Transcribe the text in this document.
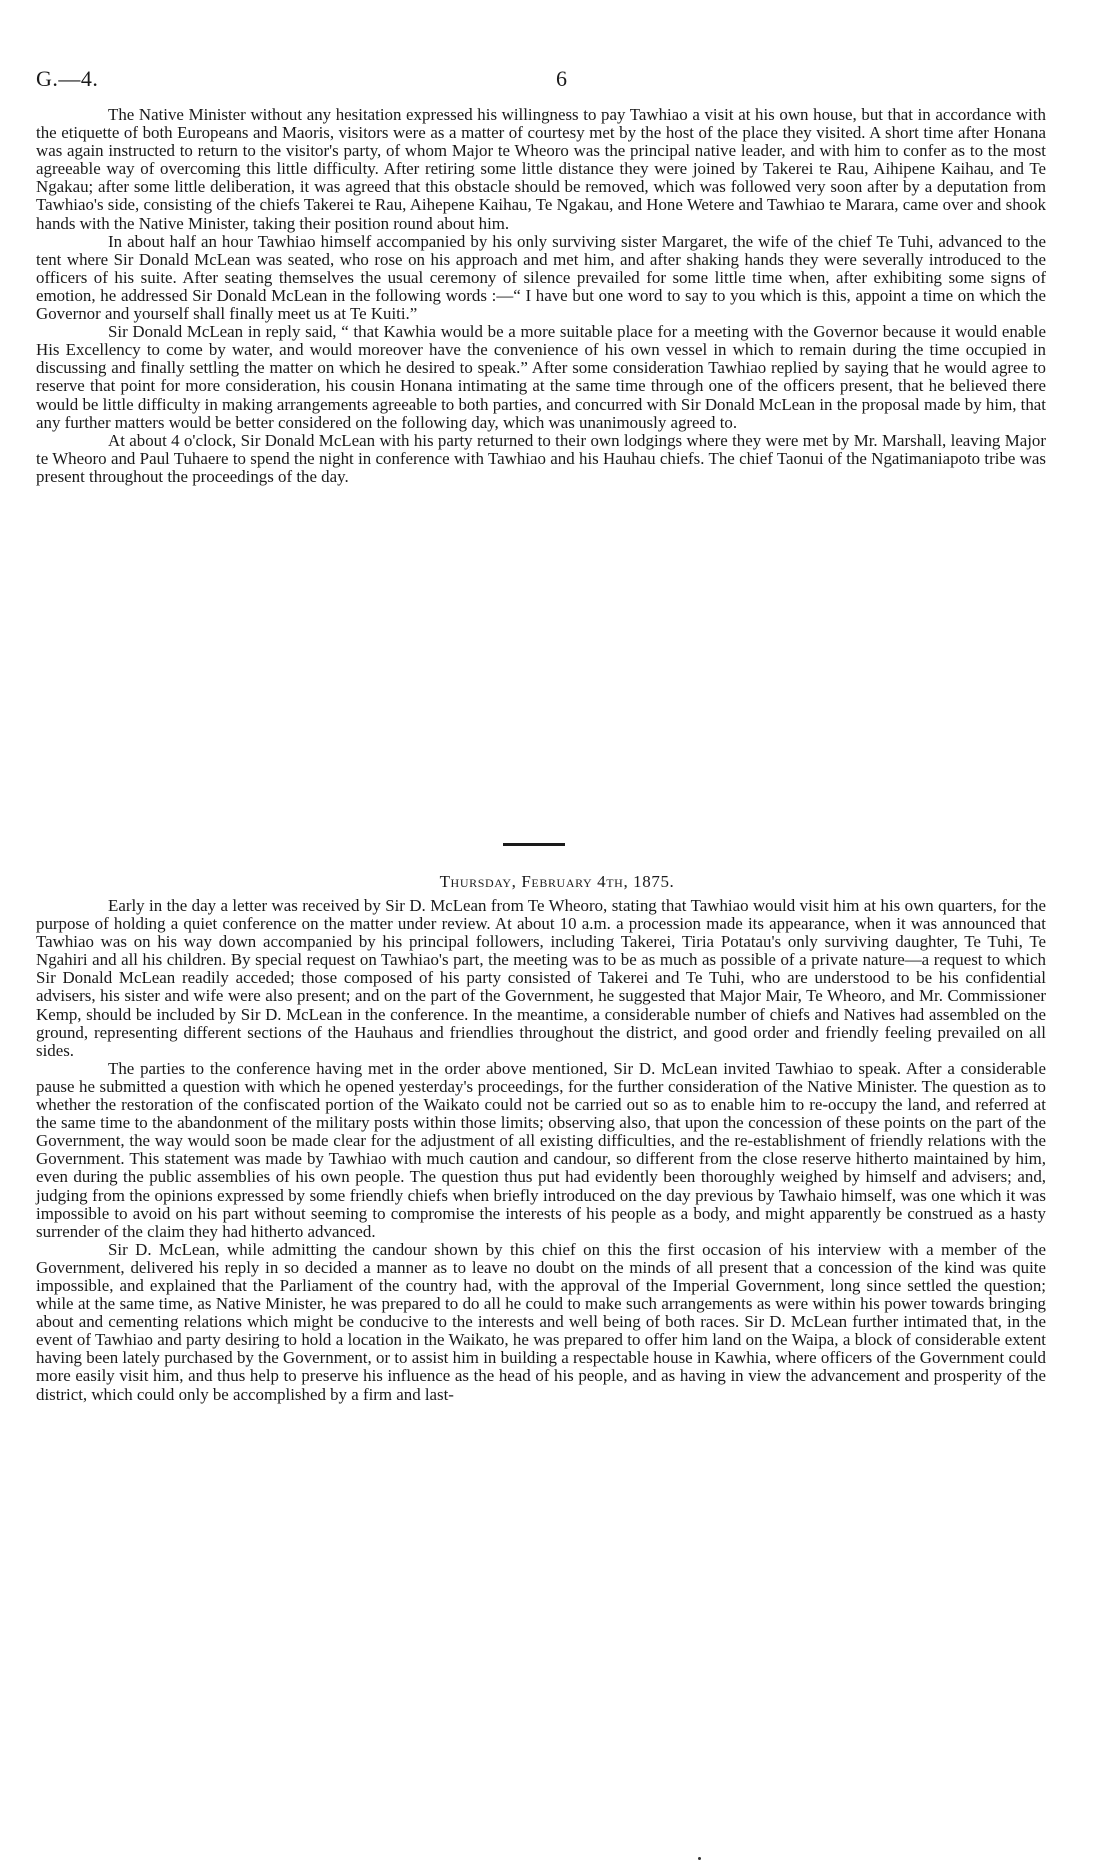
G.—4.	6

The Native Minister without any hesitation expressed his willingness to pay Tawhiao a visit at his own house, but that in accordance with the etiquette of both Europeans and Maoris, visitors were as a matter of courtesy met by the host of the place they visited. A short time after Honana was again instructed to return to the visitor's party, of whom Major te Wheoro was the principal native leader, and with him to confer as to the most agreeable way of overcoming this little difficulty. After retiring some little distance they were joined by Takerei te Rau, Aihipene Kaihau, and Te Ngakau; after some little deliberation, it was agreed that this obstacle should be removed, which was followed very soon after by a deputation from Tawhiao's side, consisting of the chiefs Takerei te Rau, Aihepene Kaihau, Te Ngakau, and Hone Wetere and Tawhiao te Marara, came over and shook hands with the Native Minister, taking their position round about him.

In about half an hour Tawhiao himself accompanied by his only surviving sister Margaret, the wife of the chief Te Tuhi, advanced to the tent where Sir Donald McLean was seated, who rose on his approach and met him, and after shaking hands they were severally introduced to the officers of his suite. After seating themselves the usual ceremony of silence prevailed for some little time when, after exhibiting some signs of emotion, he addressed Sir Donald McLean in the following words :—“ I have but one word to say to you which is this, appoint a time on which the Governor and yourself shall finally meet us at Te Kuiti.”

Sir Donald McLean in reply said, “ that Kawhia would be a more suitable place for a meeting with the Governor because it would enable His Excellency to come by water, and would moreover have the convenience of his own vessel in which to remain during the time occupied in discussing and finally settling the matter on which he desired to speak.” After some consideration Tawhiao replied by saying that he would agree to reserve that point for more consideration, his cousin Honana intimating at the same time through one of the officers present, that he believed there would be little difficulty in making arrangements agreeable to both parties, and concurred with Sir Donald McLean in the proposal made by him, that any further matters would be better considered on the following day, which was unanimously agreed to.

At about 4 o'clock, Sir Donald McLean with his party returned to their own lodgings where they were met by Mr. Marshall, leaving Major te Wheoro and Paul Tuhaere to spend the night in conference with Tawhiao and his Hauhau chiefs. The chief Taonui of the Ngatimaniapoto tribe was present throughout the proceedings of the day.

Thursday, February 4th, 1875.

Early in the day a letter was received by Sir D. McLean from Te Wheoro, stating that Tawhiao would visit him at his own quarters, for the purpose of holding a quiet conference on the matter under review. At about 10 a.m. a procession made its appearance, when it was announced that Tawhiao was on his way down accompanied by his principal followers, including Takerei, Tiria Potatau's only surviving daughter, Te Tuhi, Te Ngahiri and all his children. By special request on Tawhiao's part, the meeting was to be as much as possible of a private nature—a request to which Sir Donald McLean readily acceded; those composed of his party consisted of Takerei and Te Tuhi, who are understood to be his confidential advisers, his sister and wife were also present; and on the part of the Government, he suggested that Major Mair, Te Wheoro, and Mr. Commissioner Kemp, should be included by Sir D. McLean in the conference. In the meantime, a considerable number of chiefs and Natives had assembled on the ground, representing different sections of the Hauhaus and friendlies throughout the district, and good order and friendly feeling prevailed on all sides.

The parties to the conference having met in the order above mentioned, Sir D. McLean invited Tawhiao to speak. After a considerable pause he submitted a question with which he opened yesterday's proceedings, for the further consideration of the Native Minister. The question as to whether the restoration of the confiscated portion of the Waikato could not be carried out so as to enable him to re-occupy the land, and referred at the same time to the abandonment of the military posts within those limits; observing also, that upon the concession of these points on the part of the Government, the way would soon be made clear for the adjustment of all existing difficulties, and the re-establishment of friendly relations with the Government. This statement was made by Tawhiao with much caution and candour, so different from the close reserve hitherto maintained by him, even during the public assemblies of his own people. The question thus put had evidently been thoroughly weighed by himself and advisers; and, judging from the opinions expressed by some friendly chiefs when briefly introduced on the day previous by Tawhaio himself, was one which it was impossible to avoid on his part without seeming to compromise the interests of his people as a body, and might apparently be construed as a hasty surrender of the claim they had hitherto advanced.

Sir D. McLean, while admitting the candour shown by this chief on this the first occasion of his interview with a member of the Government, delivered his reply in so decided a manner as to leave no doubt on the minds of all present that a concession of the kind was quite impossible, and explained that the Parliament of the country had, with the approval of the Imperial Government, long since settled the question; while at the same time, as Native Minister, he was prepared to do all he could to make such arrangements as were within his power towards bringing about and cementing relations which might be conducive to the interests and well being of both races. Sir D. McLean further intimated that, in the event of Tawhiao and party desiring to hold a location in the Waikato, he was prepared to offer him land on the Waipa, a block of considerable extent having been lately purchased by the Government, or to assist him in building a respectable house in Kawhia, where officers of the Government could more easily visit him, and thus help to preserve his influence as the head of his people, and as having in view the advancement and prosperity of the district, which could only be accomplished by a firm and last-
